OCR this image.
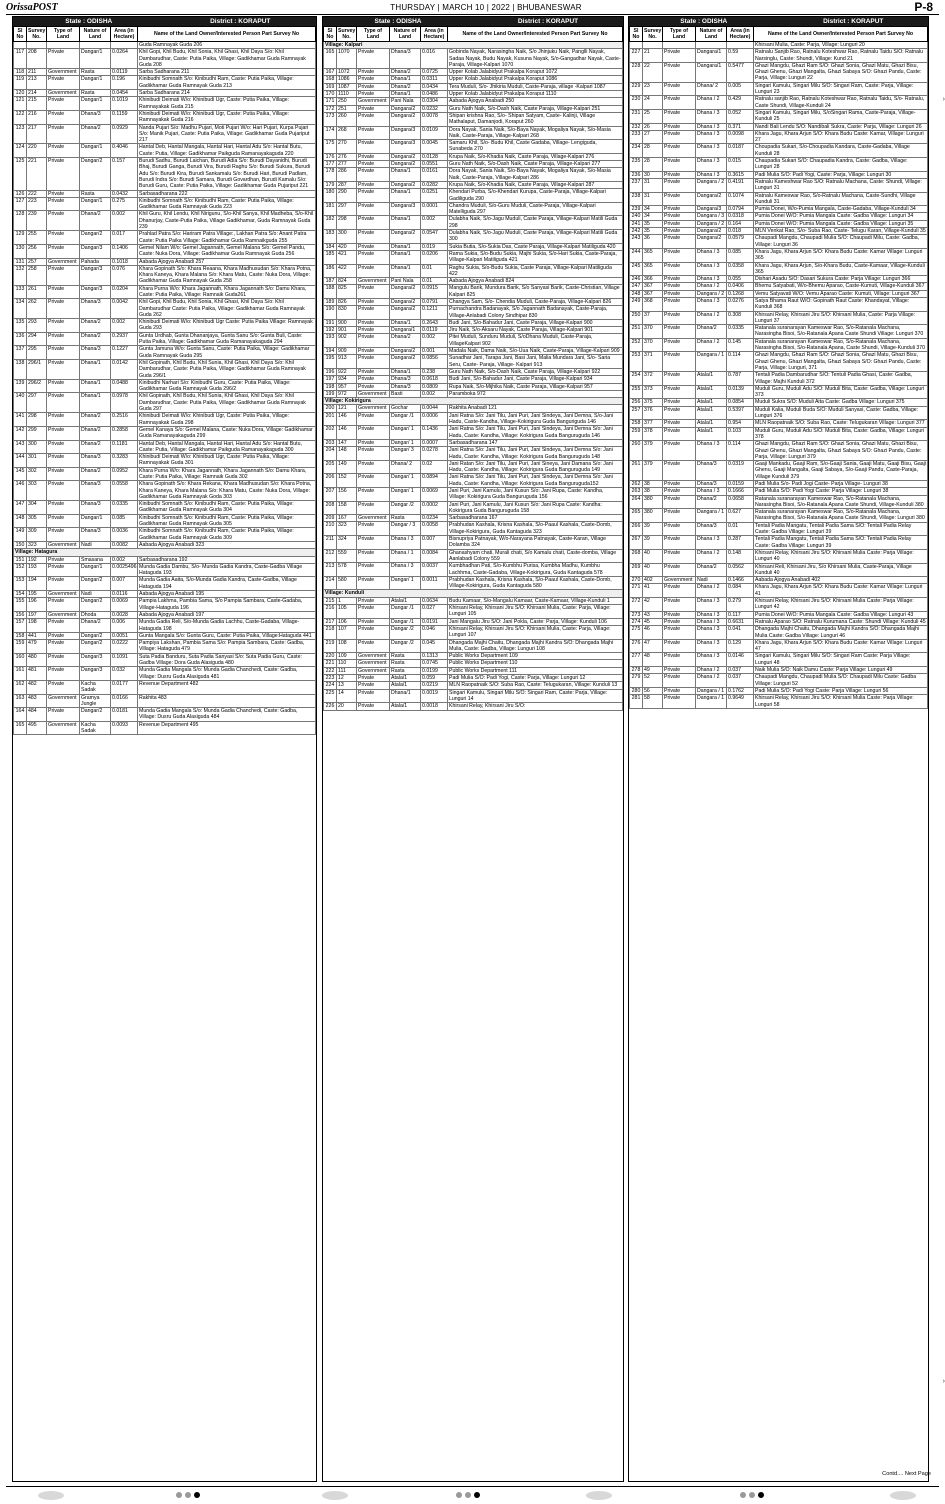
OrissaPOST	THURSDAY | MARCH 10 | 2022 | BHUBANESWAR	P-8
State : ODISHA	District : KORAPUT
Sl No	Survey No.	Type of Land	Nature of Land	Area (in Hectare)	Name of the Land Owner/Interested Person Part Survey No
					Guda Ramnayak Guda 206
117	208	Private	Dangar/1	0.0264	Khil Gopi, Khil Budu, Khil Sonia, Khil Ghasi, Khil Daya S/o: Khil Dambarudhar, Caste: Putia Paika, Village: Gadikhamar Guda Ramnayak Guda 208
118	211	Government	Rasta	0.0119	Sarba Sadharana 211
119	213	Private	Dangar/1	0.196	Kinibudhi Somnath S/o: Kinibudhi Ram, Caste: Putia Paika, Village: Gadikhamar Guda Ramnayak Guda 213
120	214	Government	Rasta	0.0454	Sarba Sadharana 214
121	215	Private	Dangar/1	0.1019	Khinibudi Deimati W/o: Khinibudi Ugr, Caste: Putia Paika, Village: Ramnayakak Guda 215
122	216	Private	Dhana/3	0.1159	Khinibudi Deimati W/o: Khinibudi Ugr, Caste: Putia Paika, Village: Ramnayakak Guda 216
123	217	Private	Dhana/2	0.0929	Nanda Pujari S/o: Madhu Pujari, Moti Pujari W/o: Hari Pujari, Kurpa Pujari S/o: Manik Pujari, Caste: Putia Paika, Village: Gadikhamar Guda Pujariput 217
124	220	Private	Dangar/1	0.4046	Hantal Deb, Hantal Mangala, Hantal Hari, Hantal Adu S/o: Hantal Butu, Caste: Putia, Village: Gadikhamar Paikguda Ramanayakaguda 220
125	221	Private	Dangar/2	0.157	Burudi Sadhu, Burudi Laichan, Burudi Adia S/o: Burudi Dayanidhi, Burudi Bhaj, Burudi Ganga, Burudi Vira, Burudi Raghu S/o: Burudi Sukura, Burudi Adu S/o: Burudi Kira, Burudi Sankamalu S/o: Burudi Hari, Burudi Padlam, Burudi Indra S/o: Burudi Samara, Burudi Govardhan, Burudi Kamalu S/o: Burudi Guru, Caste: Putia Paika, Village: Gadikhamar Guda Pujariput 221
126	222	Private	Rasta	0.0432	Sarbasadharana 222
127	223	Private	Dangar/1	0.275	Kinibudhi Somnath S/o: Kinibudhi Ram, Caste: Putia Paika, Village: Gadikhamar Guda Ramnayak Guda 223
128	239	Private	Dhana/2	0.002	Khil Guru, Khil Lendu, Khil Nirigunu, S/o-Khil Sanya, Khil Madheba, S/o-Khil Dhanurjay, Caste-Putia Paika, Village Gadikhamar, Guda Ramnayak Guda 239
129	255	Private	Dangar/2	0.017	Prahlad Patra S/o: Hariram Patra Village:, Lakhan Patra S/o: Anant Patra Caste: Putia Paika Village: Gadikhamar Guda Ramnaikguda 255
130	256	Private	Dangar/3	0.1406	Gemel Nilam W/o: Gemel Jagannath, Gemel Malana S/o: Gemel Pandu, Caste: Nuka Dora, Village: Gadikhamar Guda Ramnayak Guda 256
131	257	Government	Pahada	0.1018	Aabada Ajogya Anabadi 257
132	258	Private	Dangar/3	0.076	Khara Gopinath S/o: Khara Reaana, Khara Madhusudan S/o: Khara Potna, Khara Kaneya, Khara Malana S/o: Khara Matu, Caste: Nuka Dora, Village: Gadikhamar Guda Ramnayak Guda 258
133	261	Private	Dangar/3	0.0204	Khara Purna W/o: Khara Jagannath, Khara Jagannath S/o: Damu Khara, Caste: Putia Paika, Village: Ramnaik Guda261
134	262	Private	Dhana/3	0.0042	Khil Gopi, Khil Budu, Khil Sonia, Khil Ghasi, Khil Daya S/o: Khil Dambarudhar Caste: Putia Paika, Village: Gadikhamar Guda Ramnayak Guda 262
135	293	Private	Dhana/2	0.002	Khinibudi Deimati W/o: Khinibudi Ugr Caste: Putia Paika Village: Ramnayak Guda 293
136	294	Private	Dhana/2	0.2937	Gunta Urdhab, Gunta Dhananjaya, Gunta Sanu S/o: Gunta Buli, Caste: Putia Paika, Village: Gadikhamar Guda Ramanayakaguda 294
137	295	Private	Dhana/3	0.1227	Gunta Jamuna W/o: Gunta Sanu, Caste: Putia Paika, Village: Gadikhamar Guda Ramnayak Guda 295
138	296/1	Private	Dhana/1	0.0142	Khil Gopinath, Khil Budu, Khil Sunia, Khil Ghasi, Khil Daya S/o: Khil Dambarudhar, Caste: Putia Paika, Village: Gadikhamar Guda Ramnayak Guda 296/1
139	296/2	Private	Dhana/1	0.0488	Kinibudhi Narhari S/o: Kinibudhi Guru, Caste: Putia Paika, Village: Gadikhamar Guda Ramnayak Guda 296/2
140	297	Private	Dhana/1	0.0978	Khil Gopinath, Khil Budu, Khil Sunia, Khil Ghasi, Khil Daya S/o: Khil Dambarudhar, Caste: Putia Paika, Village: Gadikhamar Guda Ramnayak Guda 297
141	298	Private	Dhana/2	0.2516	Khinibudi Deimati W/o: Khinibudi Ugr, Caste: Putia Paika, Village: Ramnayakak Guda 298
142	299	Private	Dhana/2	0.2858	Gemel Kanaya S/o: Gemel Malana, Caste: Nuka Dora, Village: Gadikhamar Guda Ramanayakaguda 299
143	300	Private	Dhana/2	0.1181	Hantal Deb, Hantal Mangala, Hantal Hari, Hantal Adu S/o: Hantal Butu, Caste: Putia, Village: Gadikhamar Paikguda Ramanayakaguda 300
144	301	Private	Dhana/3	0.3283	Khinibudi Deimati W/o: Khinibudi Ugr, Caste: Putia Paika, Village: Ramnayakak Guda 301
145	302	Private	Dhana/2	0.0952	Khara Purna W/o: Khara Jagannath, Khara Jagannath S/o: Damu Khara, Caste: Putia Paika, Village: Ramnaik Guda 302
146	303	Private	Dhana/3	0.0558	Khara Gopinath S/o: Khara Rekana, Khara Madhusudan S/o: Khara Potna, Khara Kaneya, Khara Malana S/o: Khara Matu, Caste: Nuka Dora, Village: Gadikhamar Guda Ramnayak Goda 303
147	304	Private	Dhana/3	0.0335	Kinibudhi Somnath S/o: Kinibudhi Ram, Caste: Putia Paika, Village: Gadikhamar Guda Ramnayak Guda 304
148	305	Private	Dangar/1	0.085	Kinibudhi Somnath S/o: Kinibudhi Ram, Caste: Putia Paika, Village: Gadikhamar Guda Ramnayak Guda 305
149	309	Private	Dhana/3	0.0036	Kinibudhi Somnath S/o: Kinibudhi Ram, Caste: Putia Paika, Village: Gadikhamar Guda Ramnayak Guda 309
150	323	Government	Nadi	0.0082	Aabada Ajogya Anabadi 323
Village: Hatagura					
151	192	Private	Smasana	0.002	Sarbasadharana 192
152	193	Private	Dangar/1	0.0025496	Munda Gadia Dambu, S/o- Munda Gadia Kandra, Caste-Gadba Village Hataguda 193
153	194	Private	Dangar/2	0.007	Munda Gadia Aaita, S/o-Munda Gadia Kandra, Caste-Gadba, Village Hataguda 194
154	195	Government	Nadi	0.0116	Aabada Ajogya Anabadi 195
155	196	Private	Dangar/2	0.0069	Pampia Lakhma, Pambia Sama, S/o Pampia Sambara, Caste-Gadaba, Village-Hataguda 196
156	197	Government	Dhoda	0.0028	Aabada Ajogya Anabadi 197
157	198	Private	Dhana/2	0.006	Munda Gadia Reli, S/o-Munda Gadia Lachhu, Caste-Gadaba, Village-Hataguda 198
158	441	Private	Dangar/2	0.0051	Gunta Mangala S/o: Gunta Guru, Caste: Putia Paika, Village:Hataguda 441
159	479	Private	Dangar/2	0.0222	Pampiya Lakshan, Pambia Sama S/o: Pampia Sambara, Caste: Gadba, Village: Hataguda 479
160	480	Private	Dangar/3	0.1091	Suta Padia Banduru, Suta Padia Sanyasi S/o: Suta Padia Guru, Caste: Gadba Village: Dora Guda Alasiguda 480
161	481	Private	Dangar/3	0.032	Munda Gadia Mangala S/o: Munda Gadia Chanchedi, Caste: Gadba, Village: Dusru Guda Alasiguda 481
162	482	Private	Kacha Sadak	0.0177	Revenue Department 482
163	483	Government	Gramya Jungle	0.0166	Rakhita 483
164	484	Private	Dangar/2	0.0181	Munda Gadia Mangala S/o: Munda Gadia Chanchedi, Caste: Gadba, Village: Dusru Guda Alasiguda 484
165	495	Government	Kacha Sadak	0.0093	Revenue Department 495
State : ODISHA	District : KORAPUT
Sl No	Survey No.	Type of Land	Nature of Land	Area (in Hectare)	Name of the Land Owner/Interested Person Part Survey No
Village: Kalpari					
165	1070	Private	Dhana/3	0.016	Gobinda Nayak, Narasingha Naik, S/o Jhinjuku Naik, Panglli Nayak, Sadaa Nayak, Budu Nayak, Kusuna Nayak, S/o-Gangadhar Nayak, Caste-Paraja, Village-Kalpari 1070
167	1072	Private	Dhana/2	0.0725	Upper Kolab Jalabidyut Prakalpa Koraput 1072
168	1086	Private	Dhana/1	0.0311	Upper Kolab Jalabidyut Prakalpa Koraput 1086
169	1087	Private	Dhana/2	0.0434	Tera Muduli, S/o- Jhikiria Muduli, Caste-Paraja, village -Kalpari 1087
170	1110	Private	Dhana/1	0.0486	Upper Kolab Jalabidyut Prakalpa Koraput 1110
171	250	Government	Pani Nala	0.0304	Aabada Ajogya Anabadi 250
172	251	Private	Dangara/2	0.0232	Guru Nath Naik, S/o-Dash Naik, Caste Paraja, Village-Kalpari 251
173	260	Private	Dangara/2	0.0078	Shipan krishna Rao, S/o- Shipan Satyam, Caste- Kalinji, Village Mathalaput, Damanjodi, Koraput 260
174	268	Private	Dangara/3	0.0109	Dora Nayak, Sania Naik, S/o-Baya Nayak, Mogaliya Nayak, S/o-Masia Naik, Caste-Paraja, Village-Kalpari 268
175	270	Private	Dangara/3	0.0045	Samaru Khil, S/o- Budu Khil, Caste Gadaba, Village- Lengiguda, Sunabeda 270
176	276	Private	Dangara/2	0.0128	Krupa Naik, S/o-Khadia Naik, Caste Paraja, Village-Kalpari 276
177	277	Private	Dangara/2	0.0551	Guru Nath Naik, S/o-Dash Naik, Caste Paraja, Village-Kalpari 277
178	286	Private	Dhana/1	0.0161	Dora Nayak, Sania Naik, S/o-Baya Nayak, Mogaliya Nayak, S/o-Masia Naik, Caste-Paraja, Village-Kalpari 286
179	287	Private	Dangara/2	0.0282	Krupa Naik, S/o-Khadia Naik, Caste Paraja, Village-Kalpari 287
180	290	Private	Dhana/1	0.0251	Khendari Purba, S/o-Khendari Kurupa, Caste-Paraja, Village-Kalpari Gadiliguda 290
181	297	Private	Dangara/3	0.0001	Chandra Muduli, S/o-Guru Muduli, Caste-Paraja, Village-Kalpari Matelliguda 297
182	298	Private	Dhana/1	0.002	Dulabha Naik, S/o-Jagu Muduli, Caste Paraja, Village-Kalpari Matili Guda 298
183	300	Private	Dangara/2	0.0547	Dulabha Naik, S/o-Jagu Muduli, Caste Paraja, Village-Kalpari Matili Guda 300
184	420	Private	Dhana/1	0.019	Sukia Butia, S/o-Sukia Das, Caste Paraja, Village-Kalpari Matiliguda 420
185	421	Private	Dhana/1	0.0206	Rama Sukia, S/o-Budu Sukia, Majhi Sukia, S/o-Hari Sukia, Caste-Paraja, Village-Kalpari Matiliguda 421
186	422	Private	Dhana/1	0.01	Raghu Sukia, S/o-Budu Sukia, Caste Paraja, Village-Kalpari Matiliguda 422
187	824	Government	Pani Nala	0.01	Aabada Ajogya Anabadi 824
188	825	Private	Dangara/2	0.0915	Mangulu Barik, Mundura Barik, S/o Sanyasi Barik, Caste-Christian, Village Kalpari 825
189	826	Private	Dangara/2	0.0791	Changya Sam, S/o- Chendia Muduli, Caste-Paraja, Village-Kalpari 826
190	830	Private	Dangara/2	0.1211	Purnachandra Badanayak, S/o Jagannath Badanayak, Caste-Paraja, Village-Anlabadi Colony Sindhipar 830
191	900	Private	Dhana/1	0.2643	Budi Jani, S/o-Bahadur Jani, Caste Paraja, Village-Kalpari 900
192	901	Private	Dangara/1	0.0119	Jiru Naik, S/o-Aksaru Nayak, Caste Paraja, Village-Kalpari 901
193	902	Private	Dhana/2	0.002	Pitei Muduli, Sunduru Muduli, S/oDhana Muduli, Caste-Paraja, VillageKalpari 902
194	909	Private	Dangara/2	0.001	Madala Naik, Dama Naik, S/o-Uua Naik, Caste-Paraja, Village-Kalpari 909
195	913	Private	Dangara/2	0.0856	Sunadhar Jani, Tarapa Jani, Basi Jani, Malia Mundara Jani, S/o- Saria Seru, Caste- Paraja, Village- Kalpari 913
196	922	Private	Dhana/1	0.238	Guru Nath Naik, S/o-Dash Naik, Caste Paraja, Village-Kalpari 922
197	934	Private	Dhana/3	0.0618	Budi Jani, S/o-Bahadur Jani, Caste Paraja, Village-Kalpari 934
198	957	Private	Dhana/3	0.0809	Rupa Naik, S/o-Mijhika Naik, Caste Paraja, Village-Kalpari 957
199	972	Government	Basti	0.002	Paramboka 972
Village: Kokirigura					
200	121	Government	Gochar	0.0044	Rakhita Anabadi 121
201	146	Private	Dangar /1	0.0006	Jani Ratna S/o: Jani Tilu, Jani Puri, Jani Sindeya, Jani Demna, S/o-Jani Hadu, Caste-Kandha, Village-Kokirigura Guda Banguriguda 146
202	146	Private	Dangar/ 1	0.1436	Jani Ratna S/o: Jani Tilu, Jani Puri, Jani Sindeya, Jani Demna S/o: Jani Hadu, Caste: Kandha, Village: Kokirigura Guda Banguruguda 146
203	147	Private	Dangar/ 1	0.0007	Sarbasadharana 147
204	148	Private	Dangar/ 3	0.0278	Jani Ratna S/o: Jani Tilu, Jani Puri, Jani Sindeya, Jani Demna S/o: Jani Hadu, Caste: Kandha, Village: Kokirigura Guda Banguruguda 148
205	149	Private	Dhana/ 2	0.02	Jani Ratan S/o: Jani Tilu, Jani Puri, Jani Sineya, Jani Damana S/o: Jani Hadu, Caste: Kandha, Village: Kokirigura Guda Banguruguda 149
206	152	Private	Dangar/ 1	0.0894	Jani Ratna S/o: Jani Tilu, Jani Puri, Jani Sindeya, Jani Demna S/o: Jani Hadu, Caste: Kandha, Village: Kokirigura Guda Banguruguda152
207	156	Private	Dangar/ 1	0.0069	Jani Puri, Jani Kamulu, Jani Kusun S/o: Jani Rupa, Caste: Kandha, Village: Kokirigura Guda Banguruguda 156
208	158	Private	Dangar /2	0.0002	Jani Puri, Jani Kamulu, Jani Kusun S/o: Jani Rupa Caste: Kandha: Kokirigura Guda Banguruguda 158
209	167	Government	Rasta	0.0234	Sarbasadharana 167
210	323	Private	Dangar / 3	0.0058	Prabhudan Kashala, Krisna Kashala, S/o-Paaul Kashala, Caste-Domb, Village-Kokirigura, Guda Kantaguda 323
211	324	Private	Dhana / 3	0.007	Bisnupriya Patnayak, W/o-Narayana Patnayak, Caste-Karan, Village Dolamba 324
212	559	Private	Dhana / 1	0.0084	Ghanashyam chati, Murali chati, S/o Kamalu chati, Caste-domba, Village Aanlabadi Colony 559
213	578	Private	Dhana / 3	0.0037	Kumbhadhan Pati, S/o-Kumbhu Purisa, Kumbha Madhu, Kumbhu Lachhma, Caste-Gadaba, Village-Kokirigura, Guda Kantaguda 578
214	580	Private	Dangar/ 1	0.0011	Prabhudan Kashala, Krisna Kashala, S/o-Paaul Kashala, Caste-Domb, Village-Kokirigura, Guda Kantaguda 580
Village: Kunduli					
215	1	Private	Atala/1	0.0634	Budu Kamaar, S/o-Mangalu Kamaar, Caste-Kamaar, Village-Kunduli 1
216	105	Private	Dangar /1	0.027	Khirsani Relay, Khirsani Jiru S/O: Khirsani Mulia, Caste: Parja, Village: Lunguri 105
217	106	Private	Dangar /1	0.0191	Jani Mangalu Jiru S/O: Jani Pokla, Caste: Parja, Village: Kunduli 106
218	107	Private	Dangar /2	0.046	Khirsani Relay, Khirsani Jiru S/O: Khirsani Mulia, Caste: Parja, Village: Lunguri 107
219	108	Private	Dangar /2	0.045	Dhangada Majhi Chaitu, Dhangada Majhi Kandra S/O: Dhangada Majhi Mulia, Caste: Gadba, Village: Lunguri 108
220	109	Government	Rasta	0.1313	Public Works Department 109
221	110	Government	Rasta	0.0745	Public Works Department 110
222	111	Government	Rasta	0.0199	Public Works Department 111
223	12	Private	Atala/1	0.059	Padi Mulia S/O: Padi Yogi, Caste: Parja, Village: Lunguri 12
224	13	Private	Atala/1	0.0219	MLN Raopatnaik S/O: Suba Rao, Caste: Telugukaran, Village: Kunduli 13
225	14	Private	Dhana/1	0.0019	Singari Kamulu, Singari Milu S/O: Singari Ram, Caste: Parja, Village: Lunguri 14
226	20	Private	Atala/1	0.0018	Khirsani Relay, Khirsani Jiru S/O:
State : ODISHA	District : KORAPUT
Sl No	Survey No.	Type of Land	Nature of Land	Area (in Hectare)	Name of the Land Owner/Interested Person Part Survey No
					Khirsani Mulia, Caste: Parja, Village: Lunguri 20
227	21	Private	Dangara/1	0.59	Ratnalu Sanjib Rao, Ratnalu Koteshwar Rao, Ratnalu Taidu S/O: Ratnalu Narsinglu, Caste: Shundi, Village: Kund 21
228	22	Private	Dangara/1	0.5477	Ghazi Mangdu, Ghazi Ram S/O: Ghazi Sonia, Ghazi Matu, Ghazi Bisu, Ghazi Ghenu, Ghazi Mangalta, Ghazi Sabaya S/O: Ghazi Pandu, Caste: Parja, Village: Lunguri 22
229	23	Private	Dhana/ 2	0.005	Singari Kamulu, Singari Milu S/O: Singari Ram, Caste: Parja, Village: Lunguri 23
230	24	Private	Dhana / 2	0.429	Ratnalu sanjib Rao, Ratnalu Koteshwar Rao, Ratnalu Taidu, S/o- Ratnalu, Caste Shundi, Village-Kunduli 24
231	25	Private	Dhana / 3	0.052	Singari Kamulu, Singari Milu, S/oSingari Rama, Caste-Paraja, Village-Kunduli 25
232	26	Private	Dhana / 3	0.371	Nandi Bali Lendu S/O: Nandibali Sukra, Caste: Parja, Village: Lunguri 26
233	27	Private	Dhana / 3	0.0098	Khara Jagu, Khara Arjun S/O: Khara Budu Caste: Kamar, Village: Lunguri 27
234	28	Private	Dhana / 3	0.0187	Choupadia Sukari, S/o-Choupadia Kandara, Caste-Gadaba, Village Kunduli 28
235	28	Private	Dhana / 3	0.015	Chaupadia Sukari S/O: Chaupadia Kandra, Caste: Gadba, Village: Lunguri 28
236	30	Private	Dhana / 3	0.3615	Padi Mulia S/O: Padi Yogi, Caste: Parja, Village: Lunguri 30
237	31	Private	Dangara / 2	0.4191	Ratnalu Kameshwar Rao S/O: Ratnalu Machana, Caste: Shundi, Village: Lunguri 31
238	31	Private	Dangara/2	0.1074	Ratnalu Kameswar Rao, S/o-Ratnalu Machana, Caste-Sundhi, Village Kunduli 31
239	34	Private	Dangara/3	0.0794	Pumia Donei, W/o-Pumia Mangala, Caste-Gadaba, Village-Kunduli 34
240	34	Private	Dangara / 3	0.0318	Pumia Donei W/O: Pumia Mangala Caste: Gadba Village: Lunguri 34
241	35	Private	Dangara / 2	0.164	Pumia Donei W/O: Pumia Mangala Caste: Gadba Village: Lunguri 35
242	35	Private	Dangara/2	0.018	MLN Venkat Rao, S/o- Suba Rao, Caste- Telugu Karan, Village-Kunduli 35
243	36	Private	Dangara/2	0.0579	Chaupadi Mangdu, Chaupadi Mulia S/O: Chaupadi Milu, Caste: Gadba, Village: Lunguri 36
244	365	Private	Dhana / 3	0.085	Khara Jagu, Khara Arjun S/O: Khara Budu Caste: Kamar Village: Lunguri 365
245	365	Private	Dhana / 3	0.0358	Khara Jagu, Khara Arjun, S/o-Khara Budu, Caste-Kamaar, Village-Kunduli 365
246	366	Private	Dhana / 3	0.055	Dishari Asadu S/O: Dasari Sukura Caste: Parja Village: Lunguri 366
247	367	Private	Dhana / 2	0.0406	Bhemu Satyabati, W/o-Bhemu Aparao, Caste-Kumuti, Village-Kunduli 367
248	367	Private	Dangara / 2	0.1268	Vemu Satyavati W/O: Vemu Aparao Caste: Kumuti, Village: Lunguri 367
249	368	Private	Dhana / 3	0.0276	Satya Bhama Raut W/O: Gopinath Raut Caste: Khandayat, Village: Kunduli 368
250	37	Private	Dhana / 2	0.308	Khirsani Relay, Khirsani Jiru S/O: Khirsani Mulia, Caste: Parja Village: Lunguri 37
251	370	Private	Dhana/2	0.0335	Ratanala suranarayan Kameswar Rao, S/o-Ratanala Machana, Narasingha Bisoi, S/o-Ratanala Apana Caste Shundi Village: Lunguri 370
252	370	Private	Dhana / 2	0.145	Ratanala suranarayan Kameswar Rao, S/o-Ratanala Machana, Narasingha Bisoi, S/o-Ratanala Apana, Caste Shundi, Village-Kunduli 370
253	371	Private	Dangara / 1	0.114	Ghazi Mangdu, Ghazi Ram S/O: Ghazi Sonia, Ghazi Matu, Ghazi Bisu, Ghazi Ghenu, Ghazi Mangalta, Ghazi Sabaya S/O: Ghazi Pandu, Caste: Parja, Village: Lunguri, 371
254	372	Private	Atala/1	0.787	Tentali Padia Dambarudhar S/O: Tentuli Padia Ghasi, Caste: Gadba, Village: Majhi Kunduli 372
255	373	Private	Atala/1	0.0139	Muduli Guru, Muduli Adu S/O: Muduli Bita, Caste: Gadba, Village: Lunguri 373
256	375	Private	Atala/1	0.0854	Muduli Sukra S/O: Muduli Aita Caste: Gadba Village: Lunguri 375
257	376	Private	Atala/1	0.5397	Muduli Kalia, Muduli Buda S/O: Muduli Sanyasi, Caste: Gadba, Village: Lunguri 376
258	377	Private	Atala/1	0.954	MLN Raopatnaik S/O: Suba Rao, Caste: Telugukaran Village: Lunguri 377
259	378	Private	Atala/1	0.103	Muduli Guru, Muduli Adu S/O: Muduli Bita, Caste: Gadba, Village: Lunguri 378
260	379	Private	Dhana / 3	0.114	Ghazi Mangdu, Ghazi Ram S/O: Ghazi Sonia, Ghazi Matu, Ghazi Bisu, Ghazi Ghenu, Ghazi Mangalta, Ghazi Sabaya S/O: Ghazi Pandu, Caste: Parja, Village: Lunguri 379
261	379	Private	Dhana/3	0.0319	Gaaji Mankadu, Gaaji Ram, S/o-Gaaji Sania, Gaaji Matu, Gaaji Bisu, Gaaji Ghenu, Gaaji Mangalta, Gaaji Sabaya, S/o-Gaaji Pandu, Caste-Paraja, Village Kunduli 379
262	38	Private	Dhana/3	0.0159	Padi Mulia S/o- Padi Jogi Caste- Parja Village- Lunguri 38
263	38	Private	Dhana / 3	0.1666	Padi Mulia S/O: Padi Yogi Caste: Parja Village: Lunguri 38
264	380	Private	Dhana/2	0.0658	Ratanala suranarayan Kameswar Rao, S/o-Ratanala Machana, Narasingha Bisoi, S/o-Ratanala Apana Caste Shundi, Village-Kunduli 380
265	380	Private	Dangara / 1	0.627	Ratanala suranarayan Kameswar Rao, S/o-Ratanala Machana, Narasingha Bisoi, S/o-Ratanala Apana Caste Shundi, Village: Lunguri 380
266	39	Private	Dhana/3	0.01	Tentali Padia Mangatu, Tentali Padia Sama S/O: Tentali Padia Relay Caste: Gadba Village: Lunguri 39
267	39	Private	Dhana / 3	0.287	Tentali Padia Mangatu, Tentali Padia Sama S/O: Tentali Padia Relay Caste: Gadba Village: Lunguri 39
268	40	Private	Dhana / 2	0.148	Khirsani Relay, Khirsani Jiru S/O: Khirsani Mulia Caste: Parja Village: Lunguri 40
269	40	Private	Dhana/2	0.0562	Khirsani Reli, Khirsani Jiru, S/o Khirsani Mulia, Caste-Paraja, Village Kunduli 40
270	402	Government	Nadi	0.1466	Aabada Ajogya Anabadi 402
271	41	Private	Dhana / 2	0.084	Khara Jagu, Khara Arjun S/O: Khara Budu Caste: Kamar Village: Lunguri 41
272	42	Private	Dhana / 3	0.279	Khirsani Relay, Khirsani Jiru S/O: Khirsani Mulia Caste: Parja Village: Lunguri 42
273	43	Private	Dhana / 3	0.117	Pumia Donei W/O: Pumia Mangala Caste: Gadba Village: Lunguri 43
274	45	Private	Dhana / 3	0.6631	Ratnalu Aparao S/O: Ratnalu Kurumana Caste: Shundi Village: Kunduli 45
275	46	Private	Dhana / 3	0.041	Dhangada Majhi Chaitu, Dhangada Majhi Kandra S/O: Dhangada Majhi Mulia Caste: Gadba Village: Lunguri 46
276	47	Private	Dhana / 3	0.129	Khara Jagu, Khara Arjun S/O: Khara Budu Caste: Kamar Village: Lunguri 47
277	48	Private	Dhana / 3	0.0146	Singari Kamulu, Singari Milu S/O: Singari Ram Caste: Parja Village: Lunguri 48
278	49	Private	Dhana / 2	0.037	Naik Mulia S/O: Naik Damu Caste: Parja Village: Lunguri 49
279	52	Private	Dhana / 2	0.037	Chaupadi Mangdu, Chaupadi Mulia S/O: Chaupadi Milu Caste: Gadba Village: Lunguri 52
280	56	Private	Dangara / 1	0.1762	Padi Mulia S/O: Padi Yogi Caste: Parja Village: Lunguri 56
281	58	Private	Dangara / 1	0.9649	Khirsani Relay, Khirsani Jiru S/O: Khirsani Mulia Caste: Parja Village: Lunguri 58
Contd.... Next Page
›
›
